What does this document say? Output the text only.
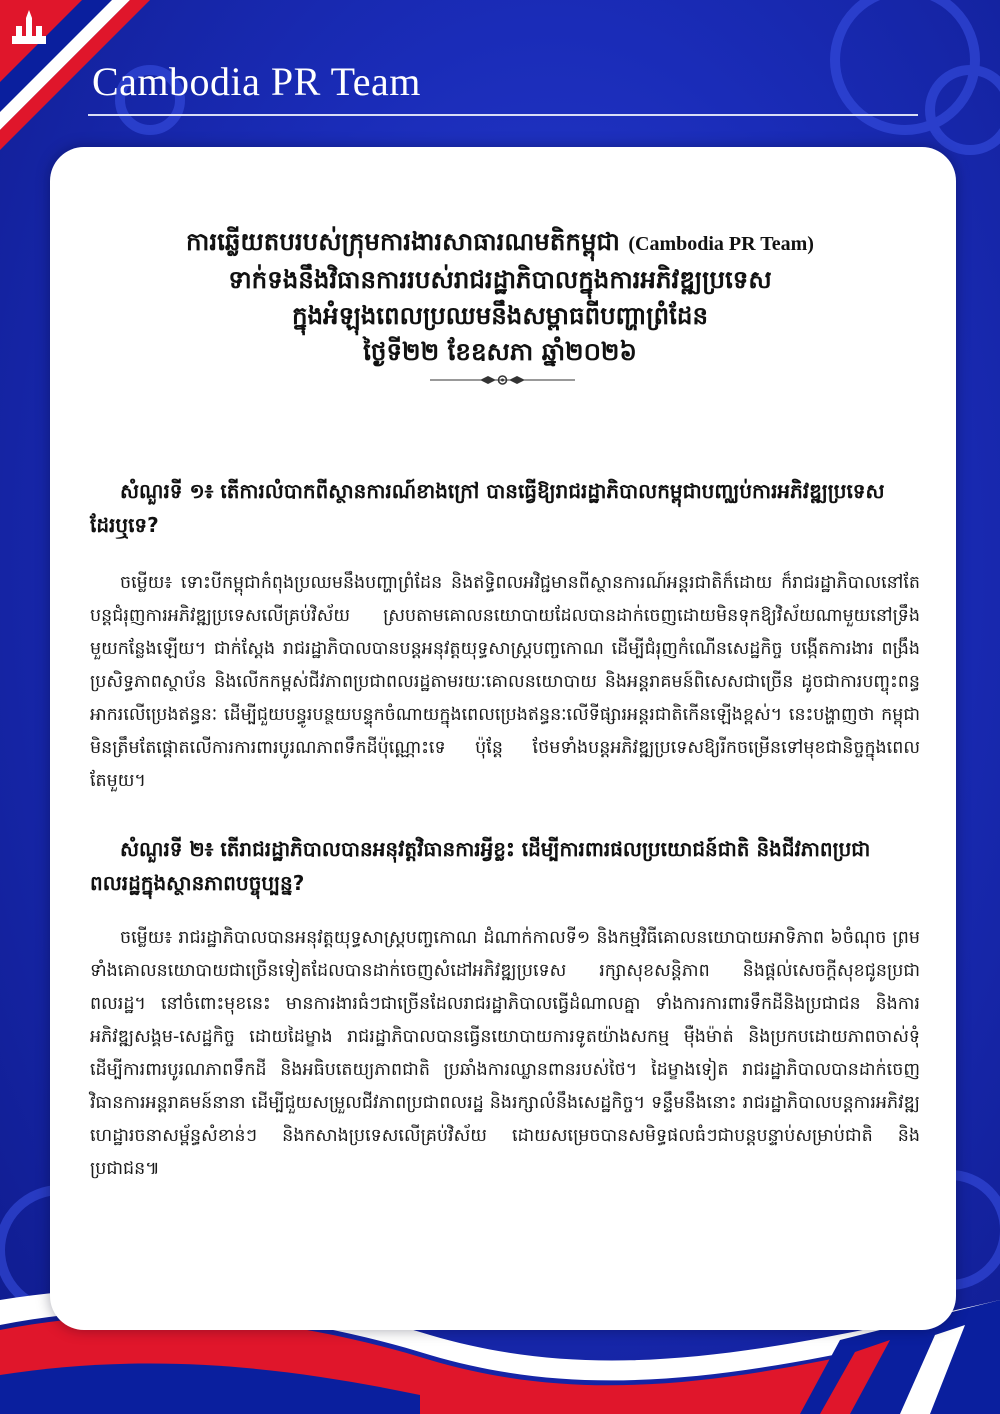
Cambodia PR Team
ការឆ្លើយតបរបស់ក្រុមការងារសាធារណមតិកម្ពុជា (Cambodia PR Team)
ទាក់ទងនឹងវិធានការរបស់រាជរដ្ឋាភិបាលក្នុងការអភិវឌ្ឍប្រទេស
ក្នុងអំឡុងពេលប្រឈមនឹងសម្ពាធពីបញ្ហាព្រំដែន
ថ្ងៃទី២២ ខែឧសភា ឆ្នាំ២០២៦
សំណួរទី ១៖ តើការលំបាកពីស្ថានការណ៍ខាងក្រៅ បានធ្វើឱ្យរាជរដ្ឋាភិបាលកម្ពុជាបញ្ឈប់ការអភិវឌ្ឍប្រទេសដែរឬទេ?
ចម្លើយ៖ ទោះបីកម្ពុជាកំពុងប្រឈមនឹងបញ្ហាព្រំដែន និងឥទ្ធិពលអវិជ្ជមានពីស្ថានការណ៍អន្តរជាតិក៏ដោយ ក៏រាជរដ្ឋាភិបាលនៅតែបន្តជំរុញការអភិវឌ្ឍប្រទេសលើគ្រប់វិស័យ ស្របតាមគោលនយោបាយដែលបានដាក់ចេញដោយមិនទុកឱ្យវិស័យណាមួយនៅទ្រឹងមួយកន្លែងឡើយ។ ជាក់ស្តែង រាជរដ្ឋាភិបាលបានបន្តអនុវត្តយុទ្ធសាស្ត្របញ្ចកោណ ដើម្បីជំរុញកំណើនសេដ្ឋកិច្ច បង្កើតការងារ ពង្រឹងប្រសិទ្ធភាពស្ថាប័ន និងលើកកម្ពស់ជីវភាពប្រជាពលរដ្ឋតាមរយៈគោលនយោបាយ និងអន្តរាគមន៍ពិសេសជាច្រើន ដូចជាការបញ្ចុះពន្ធអាករលើប្រេងឥន្ធនៈ ដើម្បីជួយបន្ធូរបន្ថយបន្ទុកចំណាយក្នុងពេលប្រេងឥន្ធនៈលើទីផ្សារអន្តរជាតិកើនឡើងខ្ពស់។ នេះបង្ហាញថា កម្ពុជាមិនត្រឹមតែផ្តោតលើការការពារបូរណភាពទឹកដីប៉ុណ្ណោះទេ ប៉ុន្តែ ថែមទាំងបន្តអភិវឌ្ឍប្រទេសឱ្យរីកចម្រើនទៅមុខជានិច្ចក្នុងពេលតែមួយ។
សំណួរទី ២៖ តើរាជរដ្ឋាភិបាលបានអនុវត្តវិធានការអ្វីខ្លះ ដើម្បីការពារផលប្រយោជន៍ជាតិ និងជីវភាពប្រជាពលរដ្ឋក្នុងស្ថានភាពបច្ចុប្បន្ន?
ចម្លើយ៖ រាជរដ្ឋាភិបាលបានអនុវត្តយុទ្ធសាស្ត្របញ្ចកោណ ដំណាក់កាលទី១ និងកម្មវិធីគោលនយោបាយអាទិភាព ៦ចំណុច ព្រមទាំងគោលនយោបាយជាច្រើនទៀតដែលបានដាក់ចេញសំដៅអភិវឌ្ឍប្រទេស រក្សាសុខសន្តិភាព និងផ្តល់សេចក្តីសុខជូនប្រជាពលរដ្ឋ។ នៅចំពោះមុខនេះ មានការងារធំៗជាច្រើនដែលរាជរដ្ឋាភិបាលធ្វើដំណាលគ្នា ទាំងការការពារទឹកដីនិងប្រជាជន និងការអភិវឌ្ឍសង្គម-សេដ្ឋកិច្ច ដោយដៃម្ខាង រាជរដ្ឋាភិបាលបានធ្វើនយោបាយការទូតយ៉ាងសកម្ម ម៉ឺងម៉ាត់ និងប្រកបដោយភាពចាស់ទុំ ដើម្បីការពារបូរណភាពទឹកដី និងអធិបតេយ្យភាពជាតិ ប្រឆាំងការឈ្លានពានរបស់ថៃ។ ដៃម្ខាងទៀត រាជរដ្ឋាភិបាលបានដាក់ចេញវិធានការអន្តរាគមន៍នានា ដើម្បីជួយសម្រួលជីវភាពប្រជាពលរដ្ឋ និងរក្សាលំនឹងសេដ្ឋកិច្ច។ ទន្ទឹមនឹងនោះ រាជរដ្ឋាភិបាលបន្តការអភិវឌ្ឍហេដ្ឋារចនាសម្ព័ន្ធសំខាន់ៗ និងកសាងប្រទេសលើគ្រប់វិស័យ ដោយសម្រេចបានសមិទ្ធផលធំៗជាបន្តបន្ទាប់សម្រាប់ជាតិ និងប្រជាជន៕
